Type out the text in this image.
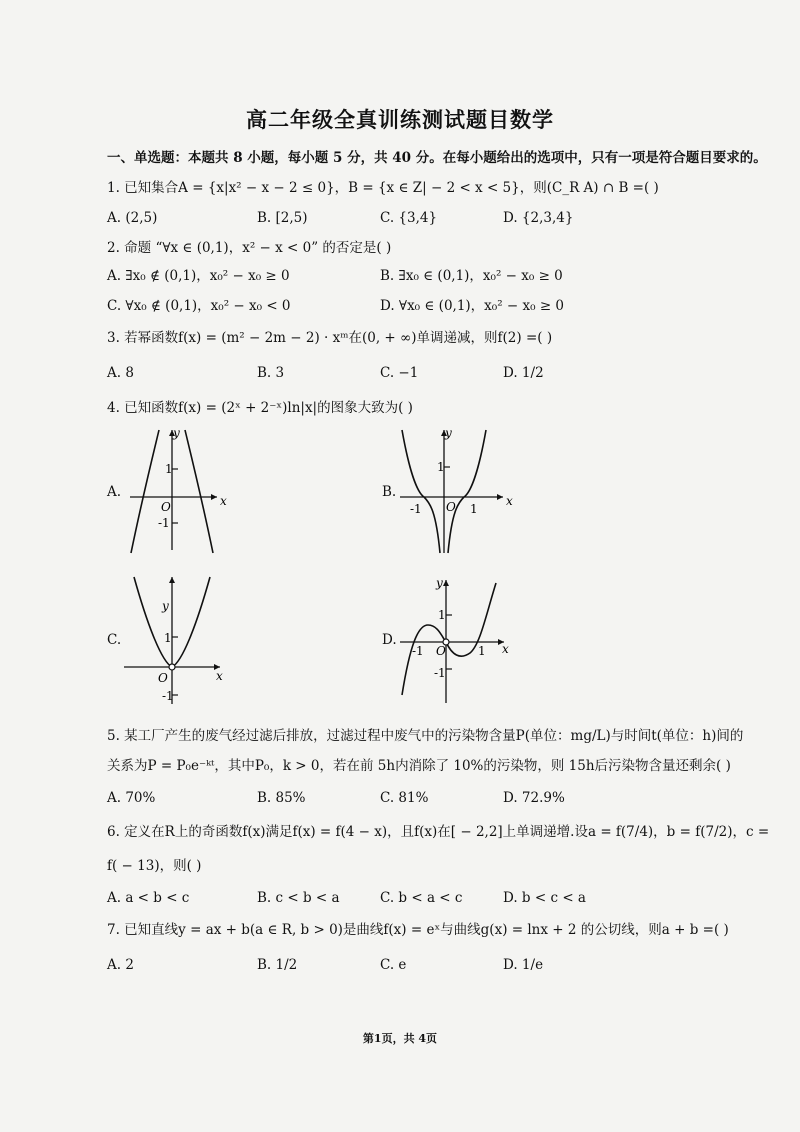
高二年级全真训练测试题目数学
一、单选题：本题共 8 小题，每小题 5 分，共 40 分。在每小题给出的选项中，只有一项是符合题目要求的。
1. 已知集合A = {x|x² − x − 2 ≤ 0}，B = {x ∈ Z| − 2 < x < 5}，则(C_R A) ∩ B =( )
A. (2,5)	B. [2,5)	C. {3,4}	D. {2,3,4}
2. 命题 “∀x ∈ (0,1)，x² − x < 0” 的否定是( )
A. ∃x₀ ∉ (0,1)，x₀² − x₀ ≥ 0	B. ∃x₀ ∈ (0,1)，x₀² − x₀ ≥ 0
C. ∀x₀ ∉ (0,1)，x₀² − x₀ < 0	D. ∀x₀ ∈ (0,1)，x₀² − x₀ ≥ 0
3. 若幂函数f(x) = (m² − 2m − 2) · xᵐ在(0, + ∞)单调递减，则f(2) =( )
A. 8	B. 3	C. −1	D. 1/2
4. 已知函数f(x) = (2ˣ + 2⁻ˣ)ln|x|的图象大致为( )
A.
x
y
O
1
-1
B.
x
y
O
1
-1	1
C.
x
y
O
1
-1
D.
x
y
O
1
-1
-1	1
5. 某工厂产生的废气经过滤后排放，过滤过程中废气中的污染物含量P(单位：mg/L)与时间t(单位：h)间的
关系为P = P₀e⁻ᵏᵗ，其中P₀，k > 0，若在前 5h内消除了 10%的污染物，则 15h后污染物含量还剩余( )
A. 70%	B. 85%	C. 81%	D. 72.9%
6. 定义在R上的奇函数f(x)满足f(x) = f(4 − x)，且f(x)在[ − 2,2]上单调递增.设a = f(7/4)，b = f(7/2)，c =
f( − 13)，则( )
A. a < b < c	B. c < b < a	C. b < a < c	D. b < c < a
7. 已知直线y = ax + b(a ∈ R, b > 0)是曲线f(x) = eˣ与曲线g(x) = lnx + 2 的公切线，则a + b =( )
A. 2	B. 1/2	C. e	D. 1/e
第1页，共 4页
